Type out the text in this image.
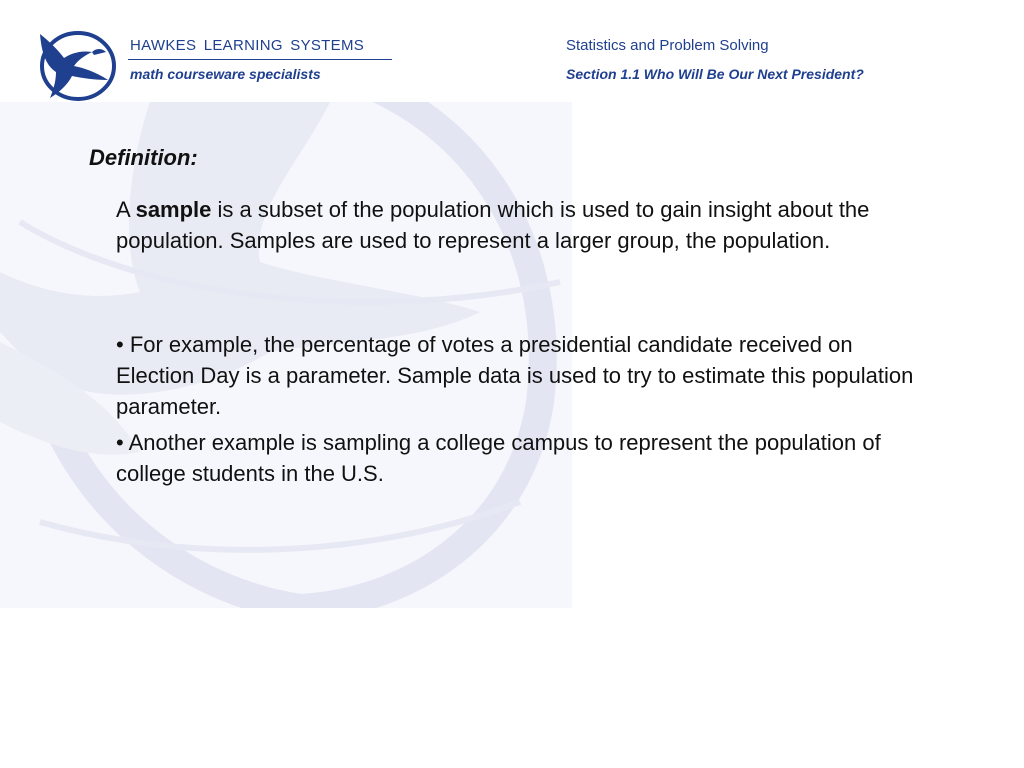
HAWKES LEARNING SYSTEMS
math courseware specialists
Statistics and Problem Solving
Section 1.1 Who Will Be Our Next President?
Definition:

A sample is a subset of the population which is used to gain insight about the population. Samples are used to represent a larger group, the population.

• For example, the percentage of votes a presidential candidate received on Election Day is a parameter. Sample data is used to try to estimate this population parameter.

• Another example is sampling a college campus to represent the population of college students in the U.S.
